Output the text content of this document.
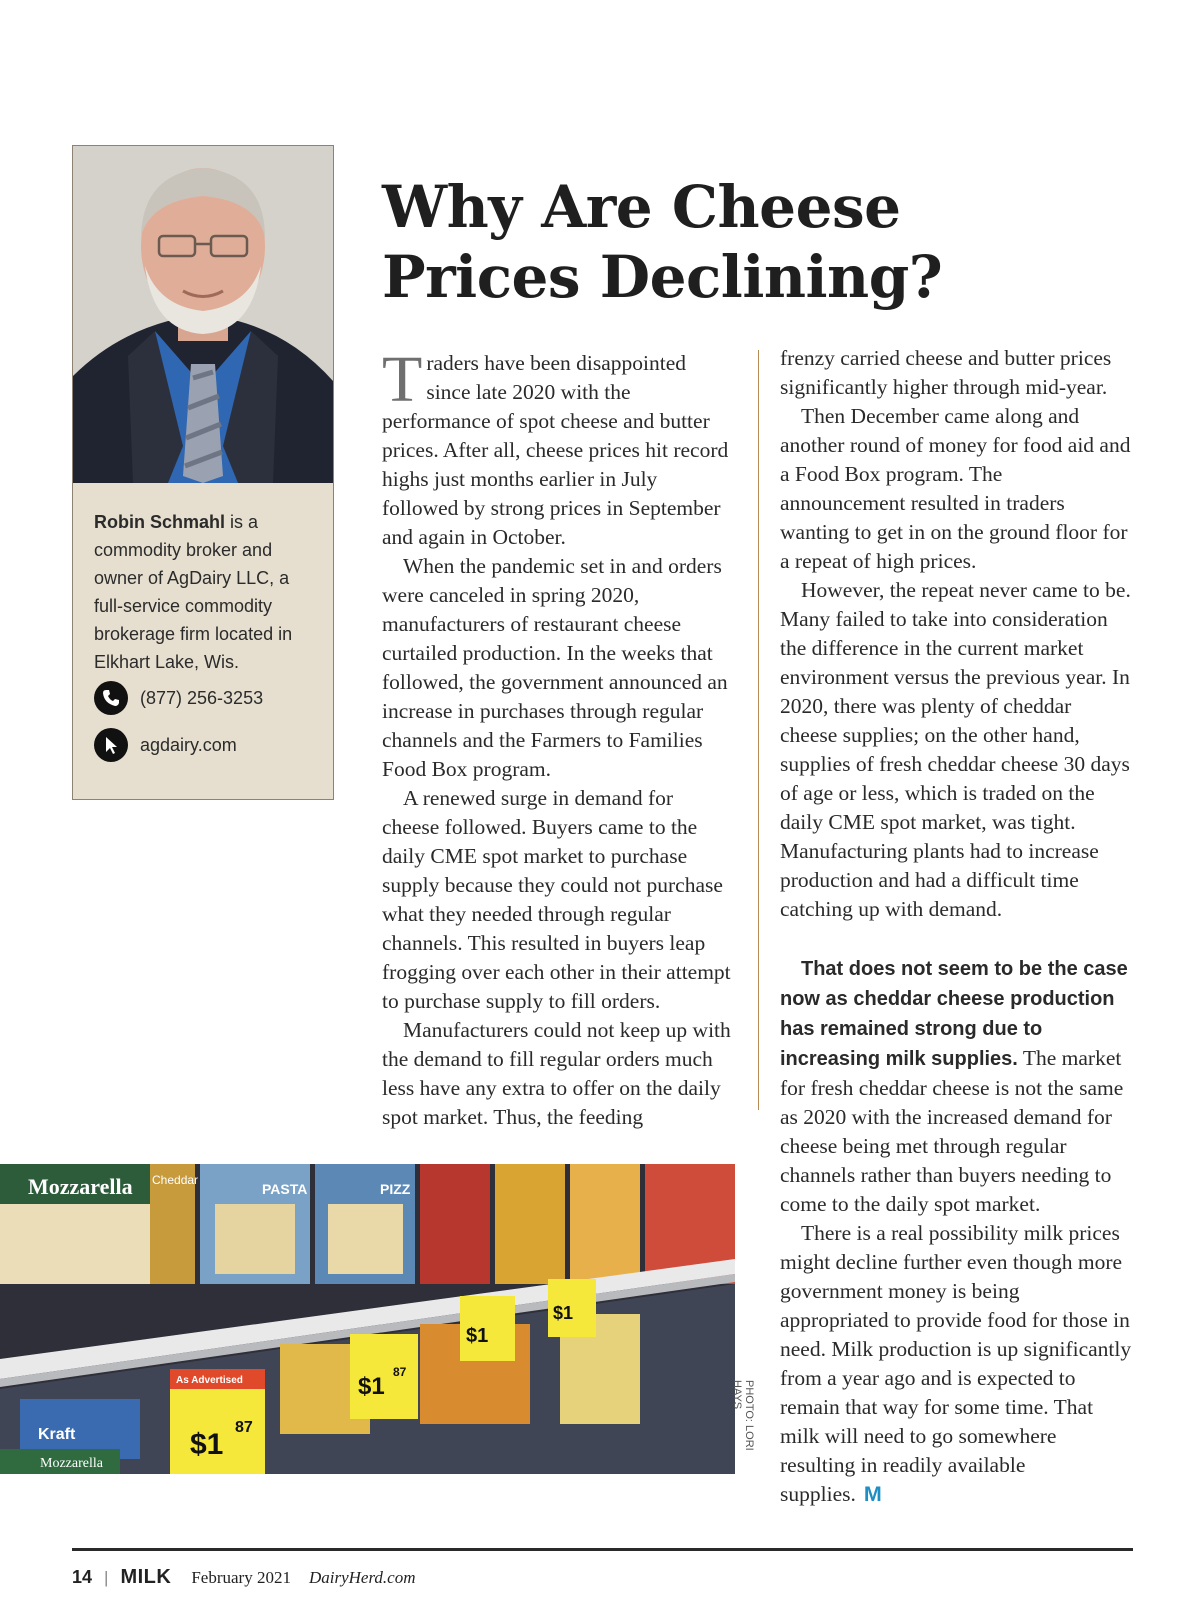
Robin Schmahl is a commodity broker and owner of AgDairy LLC, a full-service commodity brokerage firm located in Elkhart Lake, Wis.
(877) 256-3253
agdairy.com
Why Are Cheese
Prices Declining?

Traders have been disappointed since late 2020 with the performance of spot cheese and butter prices. After all, cheese prices hit record highs just months earlier in July followed by strong prices in September and again in October.

When the pandemic set in and orders were canceled in spring 2020, manufacturers of restaurant cheese curtailed production. In the weeks that followed, the government announced an increase in purchases through regular channels and the Farmers to Families Food Box program.

A renewed surge in demand for cheese followed. Buyers came to the daily CME spot market to purchase supply because they could not purchase what they needed through regular channels. This resulted in buyers leap frogging over each other in their attempt to purchase supply to fill orders.

Manufacturers could not keep up with the demand to fill regular orders much less have any extra to offer on the daily spot market. Thus, the feeding

frenzy carried cheese and butter prices significantly higher through mid-year.

Then December came along and another round of money for food aid and a Food Box program. The announcement resulted in traders wanting to get in on the ground floor for a repeat of high prices.

However, the repeat never came to be. Many failed to take into consideration the difference in the current market environment versus the previous year. In 2020, there was plenty of cheddar cheese supplies; on the other hand, supplies of fresh cheddar cheese 30 days of age or less, which is traded on the daily CME spot market, was tight. Manufacturing plants had to increase production and had a difficult time catching up with demand.

That does not seem to be the case now as cheddar cheese production has remained strong due to increasing milk supplies. The market for fresh cheddar cheese is not the same as 2020 with the increased demand for cheese being met through regular channels rather than buyers needing to come to the daily spot market.

There is a real possibility milk prices might decline further even though more government money is being appropriated to provide food for those in need. Milk production is up significantly from a year ago and is expected to remain that way for some time. That milk will need to go somewhere resulting in readily available supplies. M

Mozzarella Cheddar
PASTA	PIZZ
Kraft
Mozzarella
As Advertised
$1
87
$1
87
$1
$1
PHOTO: LORI HAYS
14 | MILK February 2021 DairyHerd.com
